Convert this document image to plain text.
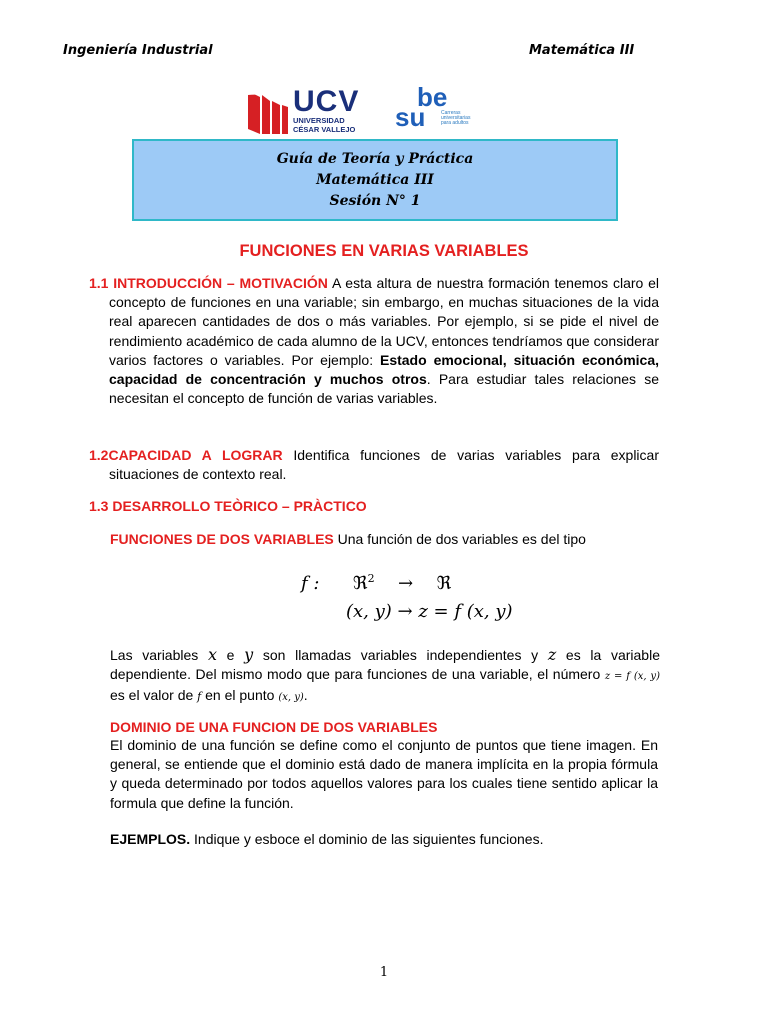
Ingeniería Industrial	Matemática III
UCV
UNIVERSIDAD
CÉSAR VALLEJO
be
su	Carreras
universitarias
para adultos
Guía de Teoría y Práctica
Matemática III
Sesión N° 1
FUNCIONES EN VARIAS VARIABLES
1.1 INTRODUCCIÓN – MOTIVACIÓN A esta altura de nuestra formación tenemos claro el concepto de funciones en una variable; sin embargo, en muchas situaciones de la vida real aparecen cantidades de dos o más variables. Por ejemplo, si se pide el nivel de rendimiento académico de cada alumno de la UCV, entonces tendríamos que considerar varios factores o variables. Por ejemplo: Estado emocional, situación económica, capacidad de concentración y muchos otros. Para estudiar tales relaciones se necesitan el concepto de función de varias variables.
1.2CAPACIDAD A LOGRAR Identifica funciones de varias variables para explicar situaciones de contexto real.
1.3 DESARROLLO TEÒRICO – PRÀCTICO
FUNCIONES DE DOS VARIABLES Una función de dos variables es del tipo
f : ℜ$^2$ → ℜ
(x, y) → z = f (x, y)
Las variables x e y son llamadas variables independientes y z es la variable dependiente. Del mismo modo que para funciones de una variable, el número z = f (x, y) es el valor de f en el punto (x, y).
DOMINIO DE UNA FUNCION DE DOS VARIABLES
El dominio de una función se define como el conjunto de puntos que tiene imagen. En general, se entiende que el dominio está dado de manera implícita en la propia fórmula y queda determinado por todos aquellos valores para los cuales tiene sentido aplicar la formula que define la función.
EJEMPLOS. Indique y esboce el dominio de las siguientes funciones.
1
